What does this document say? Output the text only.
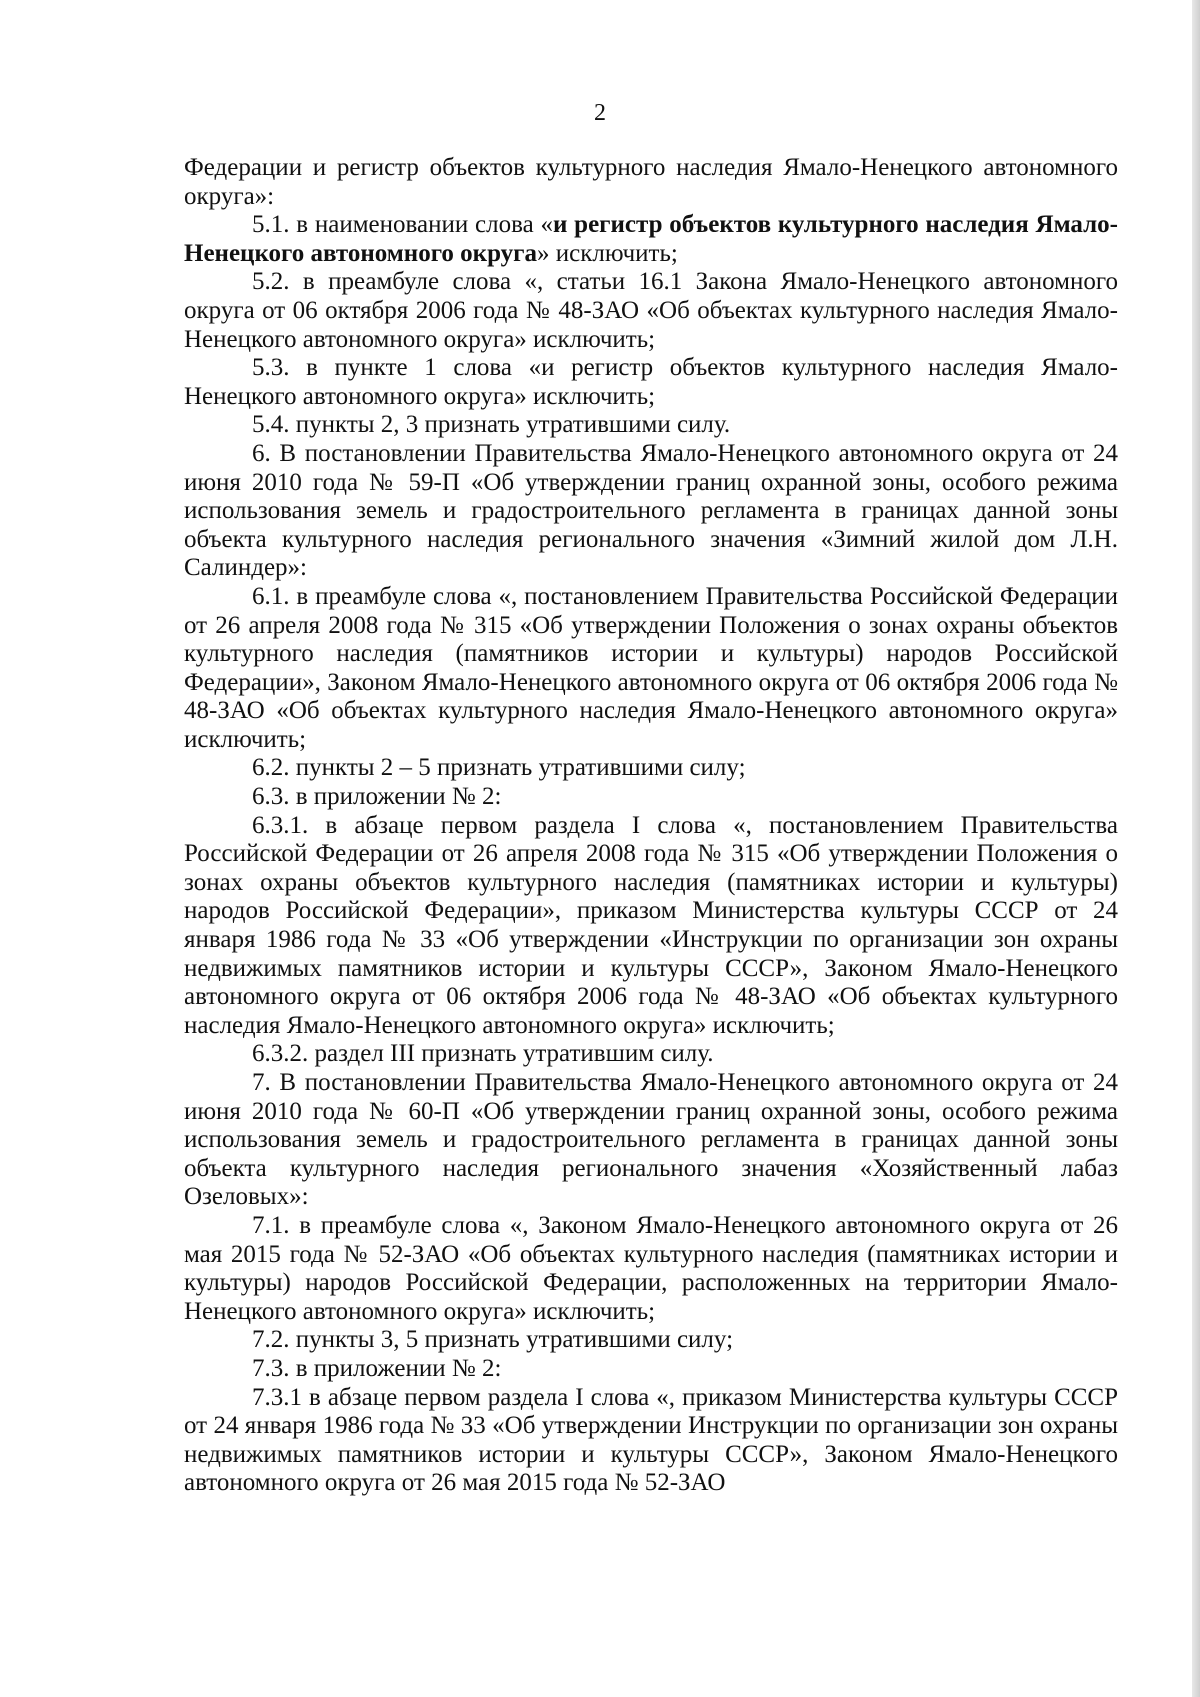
2

Федерации и регистр объектов культурного наследия Ямало-Ненецкого автономного округа»:

5.1. в наименовании слова «и регистр объектов культурного наследия Ямало-Ненецкого автономного округа» исключить;

5.2. в преамбуле слова «, статьи 16.1 Закона Ямало-Ненецкого автономного округа от 06 октября 2006 года № 48-ЗАО «Об объектах культурного наследия Ямало-Ненецкого автономного округа» исключить;

5.3. в пункте 1 слова «и регистр объектов культурного наследия Ямало-Ненецкого автономного округа» исключить;

5.4. пункты 2, 3 признать утратившими силу.

6. В постановлении Правительства Ямало-Ненецкого автономного округа от 24 июня 2010 года № 59-П «Об утверждении границ охранной зоны, особого режима использования земель и градостроительного регламента в границах данной зоны объекта культурного наследия регионального значения «Зимний жилой дом Л.Н. Салиндер»:

6.1. в преамбуле слова «, постановлением Правительства Российской Федерации от 26 апреля 2008 года № 315 «Об утверждении Положения о зонах охраны объектов культурного наследия (памятников истории и культуры) народов Российской Федерации», Законом Ямало-Ненецкого автономного округа от 06 октября 2006 года № 48-ЗАО «Об объектах культурного наследия Ямало-Ненецкого автономного округа» исключить;

6.2. пункты 2 – 5 признать утратившими силу;

6.3. в приложении № 2:

6.3.1. в абзаце первом раздела I слова «, постановлением Правительства Российской Федерации от 26 апреля 2008 года № 315 «Об утверждении Положения о зонах охраны объектов культурного наследия (памятниках истории и культуры) народов Российской Федерации», приказом Министерства культуры СССР от 24 января 1986 года № 33 «Об утверждении «Инструкции по организации зон охраны недвижимых памятников истории и культуры СССР», Законом Ямало-Ненецкого автономного округа от 06 октября 2006 года № 48-ЗАО «Об объектах культурного наследия Ямало-Ненецкого автономного округа» исключить;

6.3.2. раздел III признать утратившим силу.

7. В постановлении Правительства Ямало-Ненецкого автономного округа от 24 июня 2010 года № 60-П «Об утверждении границ охранной зоны, особого режима использования земель и градостроительного регламента в границах данной зоны объекта культурного наследия регионального значения «Хозяйственный лабаз Озеловых»:

7.1. в преамбуле слова «, Законом Ямало-Ненецкого автономного округа от 26 мая 2015 года № 52-ЗАО «Об объектах культурного наследия (памятниках истории и культуры) народов Российской Федерации, расположенных на территории Ямало-Ненецкого автономного округа» исключить;

7.2. пункты 3, 5 признать утратившими силу;

7.3. в приложении № 2:

7.3.1 в абзаце первом раздела I слова «, приказом Министерства культуры СССР от 24 января 1986 года № 33 «Об утверждении Инструкции по организации зон охраны недвижимых памятников истории и культуры СССР», Законом Ямало-Ненецкого автономного округа от 26 мая 2015 года № 52-ЗАО
